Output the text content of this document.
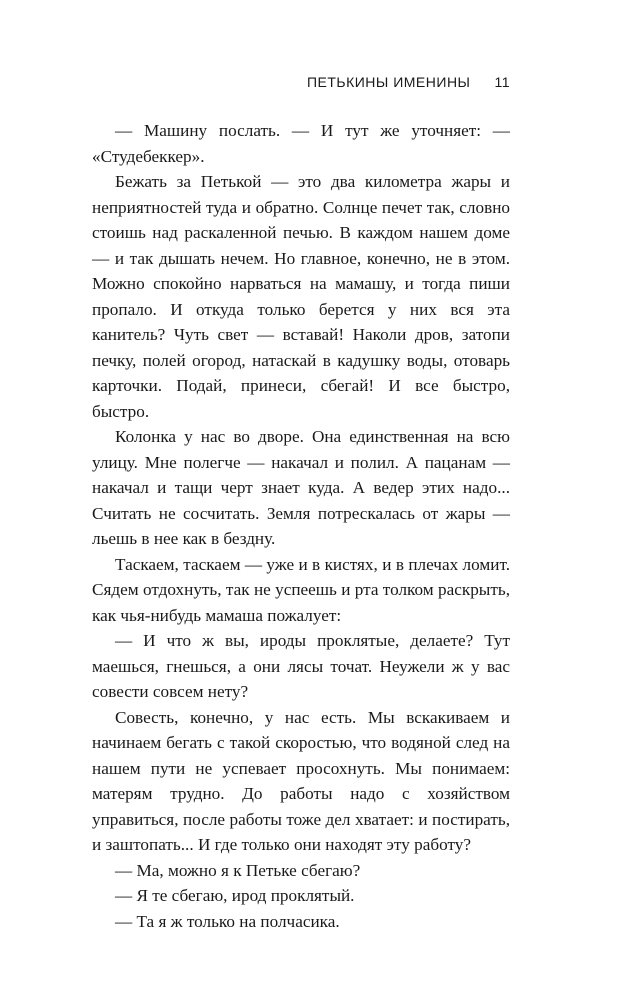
ПЕТЬКИНЫ ИМЕНИНЫ 11

— Машину послать. — И тут же уточняет: — «Студебеккер».

Бежать за Петькой — это два километра жары и неприятностей туда и обратно. Солнце печет так, словно стоишь над раскаленной печью. В каждом нашем доме — и так дышать нечем. Но главное, конечно, не в этом. Можно спокойно нарваться на мамашу, и тогда пиши пропало. И откуда только берется у них вся эта канитель? Чуть свет — вставай! Наколи дров, затопи печку, полей огород, натаскай в кадушку воды, отоварь карточки. Подай, принеси, сбегай! И все быстро, быстро.

Колонка у нас во дворе. Она единственная на всю улицу. Мне полегче — накачал и полил. А пацанам — накачал и тащи черт знает куда. А ведер этих надо... Считать не сосчитать. Земля потрескалась от жары — льешь в нее как в бездну.

Таскаем, таскаем — уже и в кистях, и в плечах ломит. Сядем отдохнуть, так не успеешь и рта толком раскрыть, как чья-нибудь мамаша пожалует:

— И что ж вы, ироды проклятые, делаете? Тут маешься, гнешься, а они лясы точат. Неужели ж у вас совести совсем нету?

Совесть, конечно, у нас есть. Мы вскакиваем и начинаем бегать с такой скоростью, что водяной след на нашем пути не успевает просохнуть. Мы понимаем: матерям трудно. До работы надо с хозяйством управиться, после работы тоже дел хватает: и постирать, и заштопать... И где только они находят эту работу?

— Ма, можно я к Петьке сбегаю?

— Я те сбегаю, ирод проклятый.

— Та я ж только на полчасика.
